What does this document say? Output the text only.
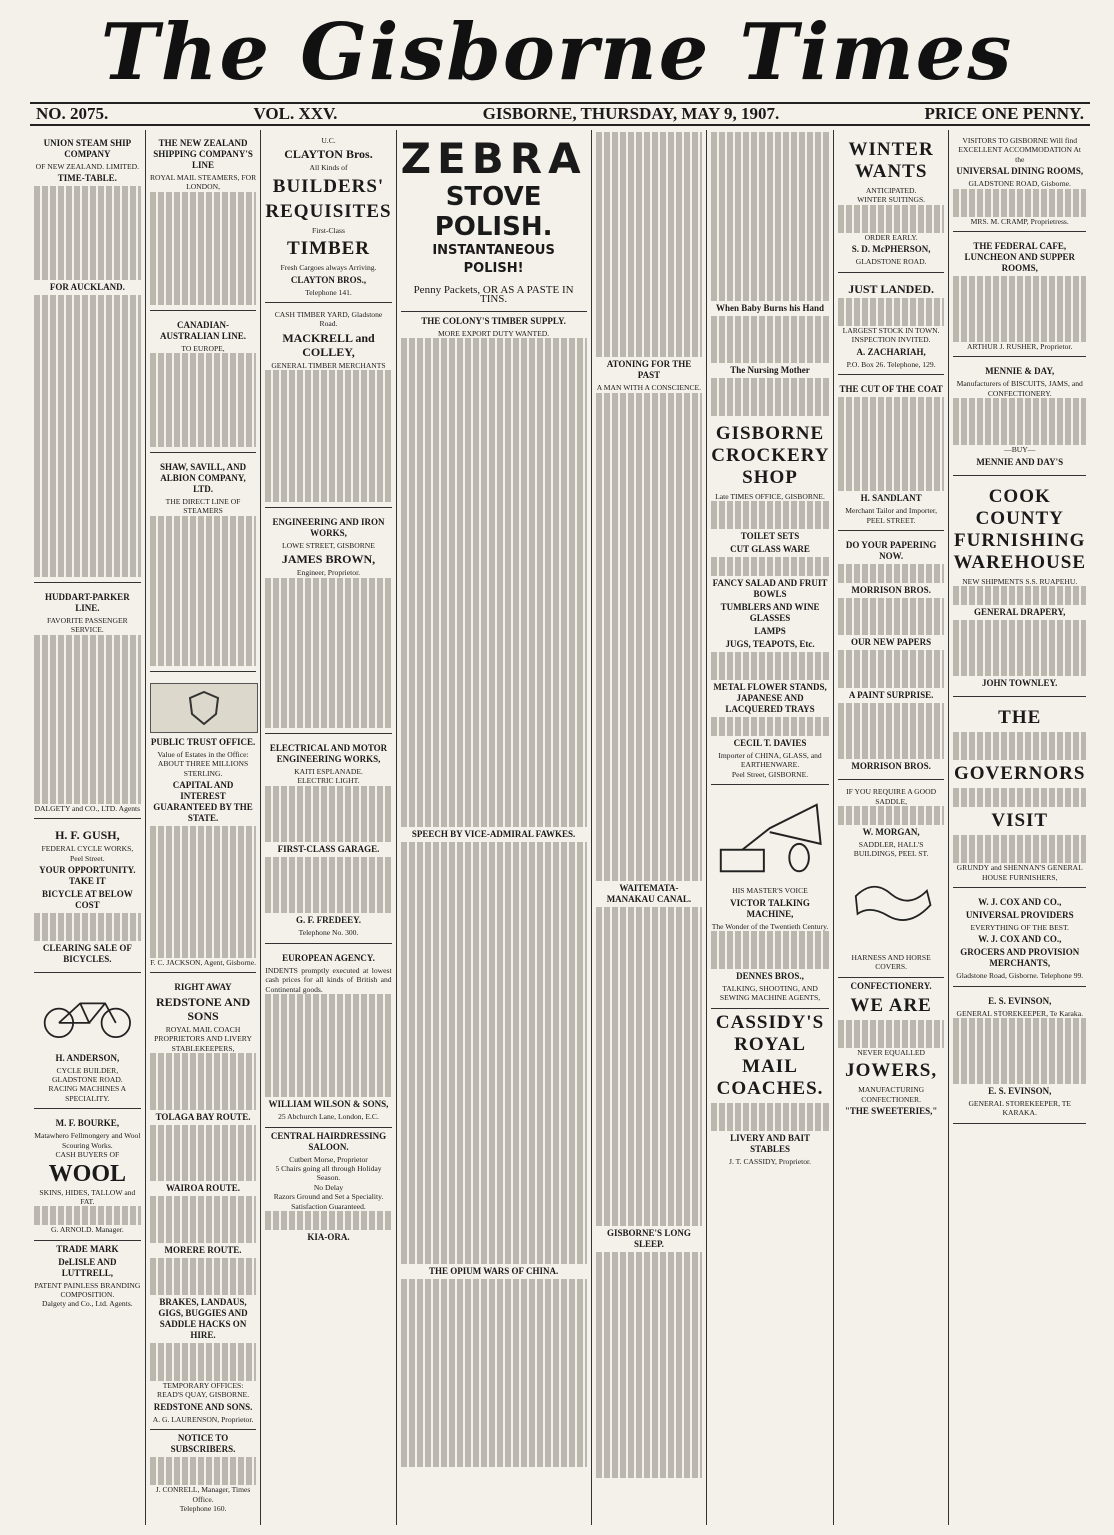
The Gisborne Times
NO. 2075.	VOL. XXV.	GISBORNE, THURSDAY, MAY 9, 1907.	PRICE ONE PENNY.
UNION STEAM SHIP COMPANY
OF NEW ZEALAND. LIMITED.
TIME-TABLE.
FOR AUCKLAND.
HUDDART-PARKER LINE.
FAVORITE PASSENGER SERVICE.
DALGETY and CO., LTD. Agents
H. F. GUSH,
FEDERAL CYCLE WORKS, Peel Street.
YOUR OPPORTUNITY. TAKE IT
BICYCLE AT BELOW COST
CLEARING SALE OF BICYCLES.
H. ANDERSON,
CYCLE BUILDER, GLADSTONE ROAD.
RACING MACHINES A SPECIALITY.
M. F. BOURKE,
Matawhero Fellmongery and Wool Scouring Works.
CASH BUYERS OF
WOOL
SKINS, HIDES, TALLOW and FAT.
G. ARNOLD. Manager.
TRADE MARK
DeLISLE AND LUTTRELL,
PATENT PAINLESS BRANDING COMPOSITION.
Dalgety and Co., Ltd. Agents.
THE NEW ZEALAND SHIPPING COMPANY'S LINE
ROYAL MAIL STEAMERS, FOR LONDON,
CANADIAN-AUSTRALIAN LINE.
TO EUROPE,
SHAW, SAVILL, AND ALBION COMPANY, LTD.
THE DIRECT LINE OF STEAMERS
PUBLIC TRUST OFFICE.
Value of Estates in the Office: ABOUT THREE MILLIONS STERLING.
CAPITAL AND INTEREST GUARANTEED BY THE STATE.
F. C. JACKSON, Agent, Gisborne.
RIGHT AWAY
REDSTONE AND SONS
ROYAL MAIL COACH PROPRIETORS AND LIVERY STABLEKEEPERS,
TOLAGA BAY ROUTE.
WAIROA ROUTE.
MORERE ROUTE.
BRAKES, LANDAUS, GIGS, BUGGIES AND SADDLE HACKS ON HIRE.
TEMPORARY OFFICES: READ'S QUAY, GISBORNE.
REDSTONE AND SONS.
A. G. LAURENSON, Proprietor.
NOTICE TO SUBSCRIBERS.
J. CONRELL, Manager, Times Office.
Telephone 160.
U.C.
CLAYTON Bros.
All Kinds of
BUILDERS'
REQUISITES
First-Class
TIMBER
Fresh Cargoes always Arriving.
CLAYTON BROS.,
Telephone 141.
CASH TIMBER YARD, Gladstone Road.
MACKRELL and COLLEY,
GENERAL TIMBER MERCHANTS
ENGINEERING AND IRON WORKS,
LOWE STREET, GISBORNE
JAMES BROWN,
Engineer, Proprietor.
ELECTRICAL AND MOTOR ENGINEERING WORKS,
KAITI ESPLANADE.
ELECTRIC LIGHT.
FIRST-CLASS GARAGE.
G. F. FREDEEY.
Telephone No. 300.
EUROPEAN AGENCY.
INDENTS promptly executed at lowest cash prices for all kinds of British and Continental goods.
WILLIAM WILSON & SONS,
25 Abchurch Lane, London, E.C.
CENTRAL HAIRDRESSING SALOON.
Cutbert Morse, Proprietor
5 Chairs going all through Holiday Season.
No Delay
Razors Ground and Set a Speciality. Satisfaction Guaranteed.
KIA-ORA.
ZEBRA
STOVE POLISH.
INSTANTANEOUS POLISH!
Penny Packets, OR AS A PASTE IN TINS.
THE COLONY'S TIMBER SUPPLY.
MORE EXPORT DUTY WANTED.
SPEECH BY VICE-ADMIRAL FAWKES.
THE OPIUM WARS OF CHINA.
ATONING FOR THE PAST
A MAN WITH A CONSCIENCE.
WAITEMATA-MANAKAU CANAL.
GISBORNE'S LONG SLEEP.
When Baby Burns his Hand
The Nursing Mother
GISBORNE CROCKERY SHOP
Late TIMES OFFICE, GISBORNE.
TOILET SETS
CUT GLASS WARE
FANCY SALAD AND FRUIT BOWLS
TUMBLERS AND WINE GLASSES
LAMPS
JUGS, TEAPOTS, Etc.
METAL FLOWER STANDS, JAPANESE AND LACQUERED TRAYS
CECIL T. DAVIES
Importer of CHINA, GLASS, and EARTHENWARE.
Peel Street, GISBORNE.
HIS MASTER'S VOICE
VICTOR TALKING MACHINE,
The Wonder of the Twentieth Century.
DENNES BROS.,
TALKING, SHOOTING, AND SEWING MACHINE AGENTS,
CASSIDY'S ROYAL MAIL COACHES.
LIVERY AND BAIT STABLES
J. T. CASSIDY, Proprietor.
WINTER WANTS
ANTICIPATED.
WINTER SUITINGS.
ORDER EARLY.
S. D. McPHERSON,
GLADSTONE ROAD.
JUST LANDED.
LARGEST STOCK IN TOWN.
INSPECTION INVITED.
A. ZACHARIAH,
P.O. Box 26. Telephone, 129.
THE CUT OF THE COAT
H. SANDLANT
Merchant Tailor and Importer, PEEL STREET.
DO YOUR PAPERING NOW.
MORRISON BROS.
OUR NEW PAPERS
A PAINT SURPRISE.
MORRISON BROS.
IF YOU REQUIRE A GOOD SADDLE,
W. MORGAN,
SADDLER, HALL'S BUILDINGS, PEEL ST.
HARNESS AND HORSE COVERS.
CONFECTIONERY.
WE ARE
NEVER EQUALLED
JOWERS,
MANUFACTURING CONFECTIONER.
"THE SWEETERIES,"
VISITORS TO GISBORNE Will find EXCELLENT ACCOMMODATION At the
UNIVERSAL DINING ROOMS,
GLADSTONE ROAD, Gisborne.
MRS. M. CRAMP, Proprietress.
THE FEDERAL CAFE, LUNCHEON AND SUPPER ROOMS,
ARTHUR J. RUSHER, Proprietor.
MENNIE & DAY,
Manufacturers of BISCUITS, JAMS, and CONFECTIONERY.
—BUY—
MENNIE AND DAY'S
COOK COUNTY FURNISHING WAREHOUSE
NEW SHIPMENTS S.S. RUAPEHU.
GENERAL DRAPERY,
JOHN TOWNLEY.
THE
GOVERNORS
VISIT
GRUNDY and SHENNAN'S GENERAL HOUSE FURNISHERS,
W. J. COX AND CO.,
UNIVERSAL PROVIDERS
EVERYTHING OF THE BEST.
W. J. COX AND CO.,
GROCERS AND PROVISION MERCHANTS,
Gladstone Road, Gisborne. Telephone 99.
E. S. EVINSON,
GENERAL STOREKEEPER, Te Karaka.
E. S. EVINSON,
GENERAL STOREKEEPER, TE KARAKA.
